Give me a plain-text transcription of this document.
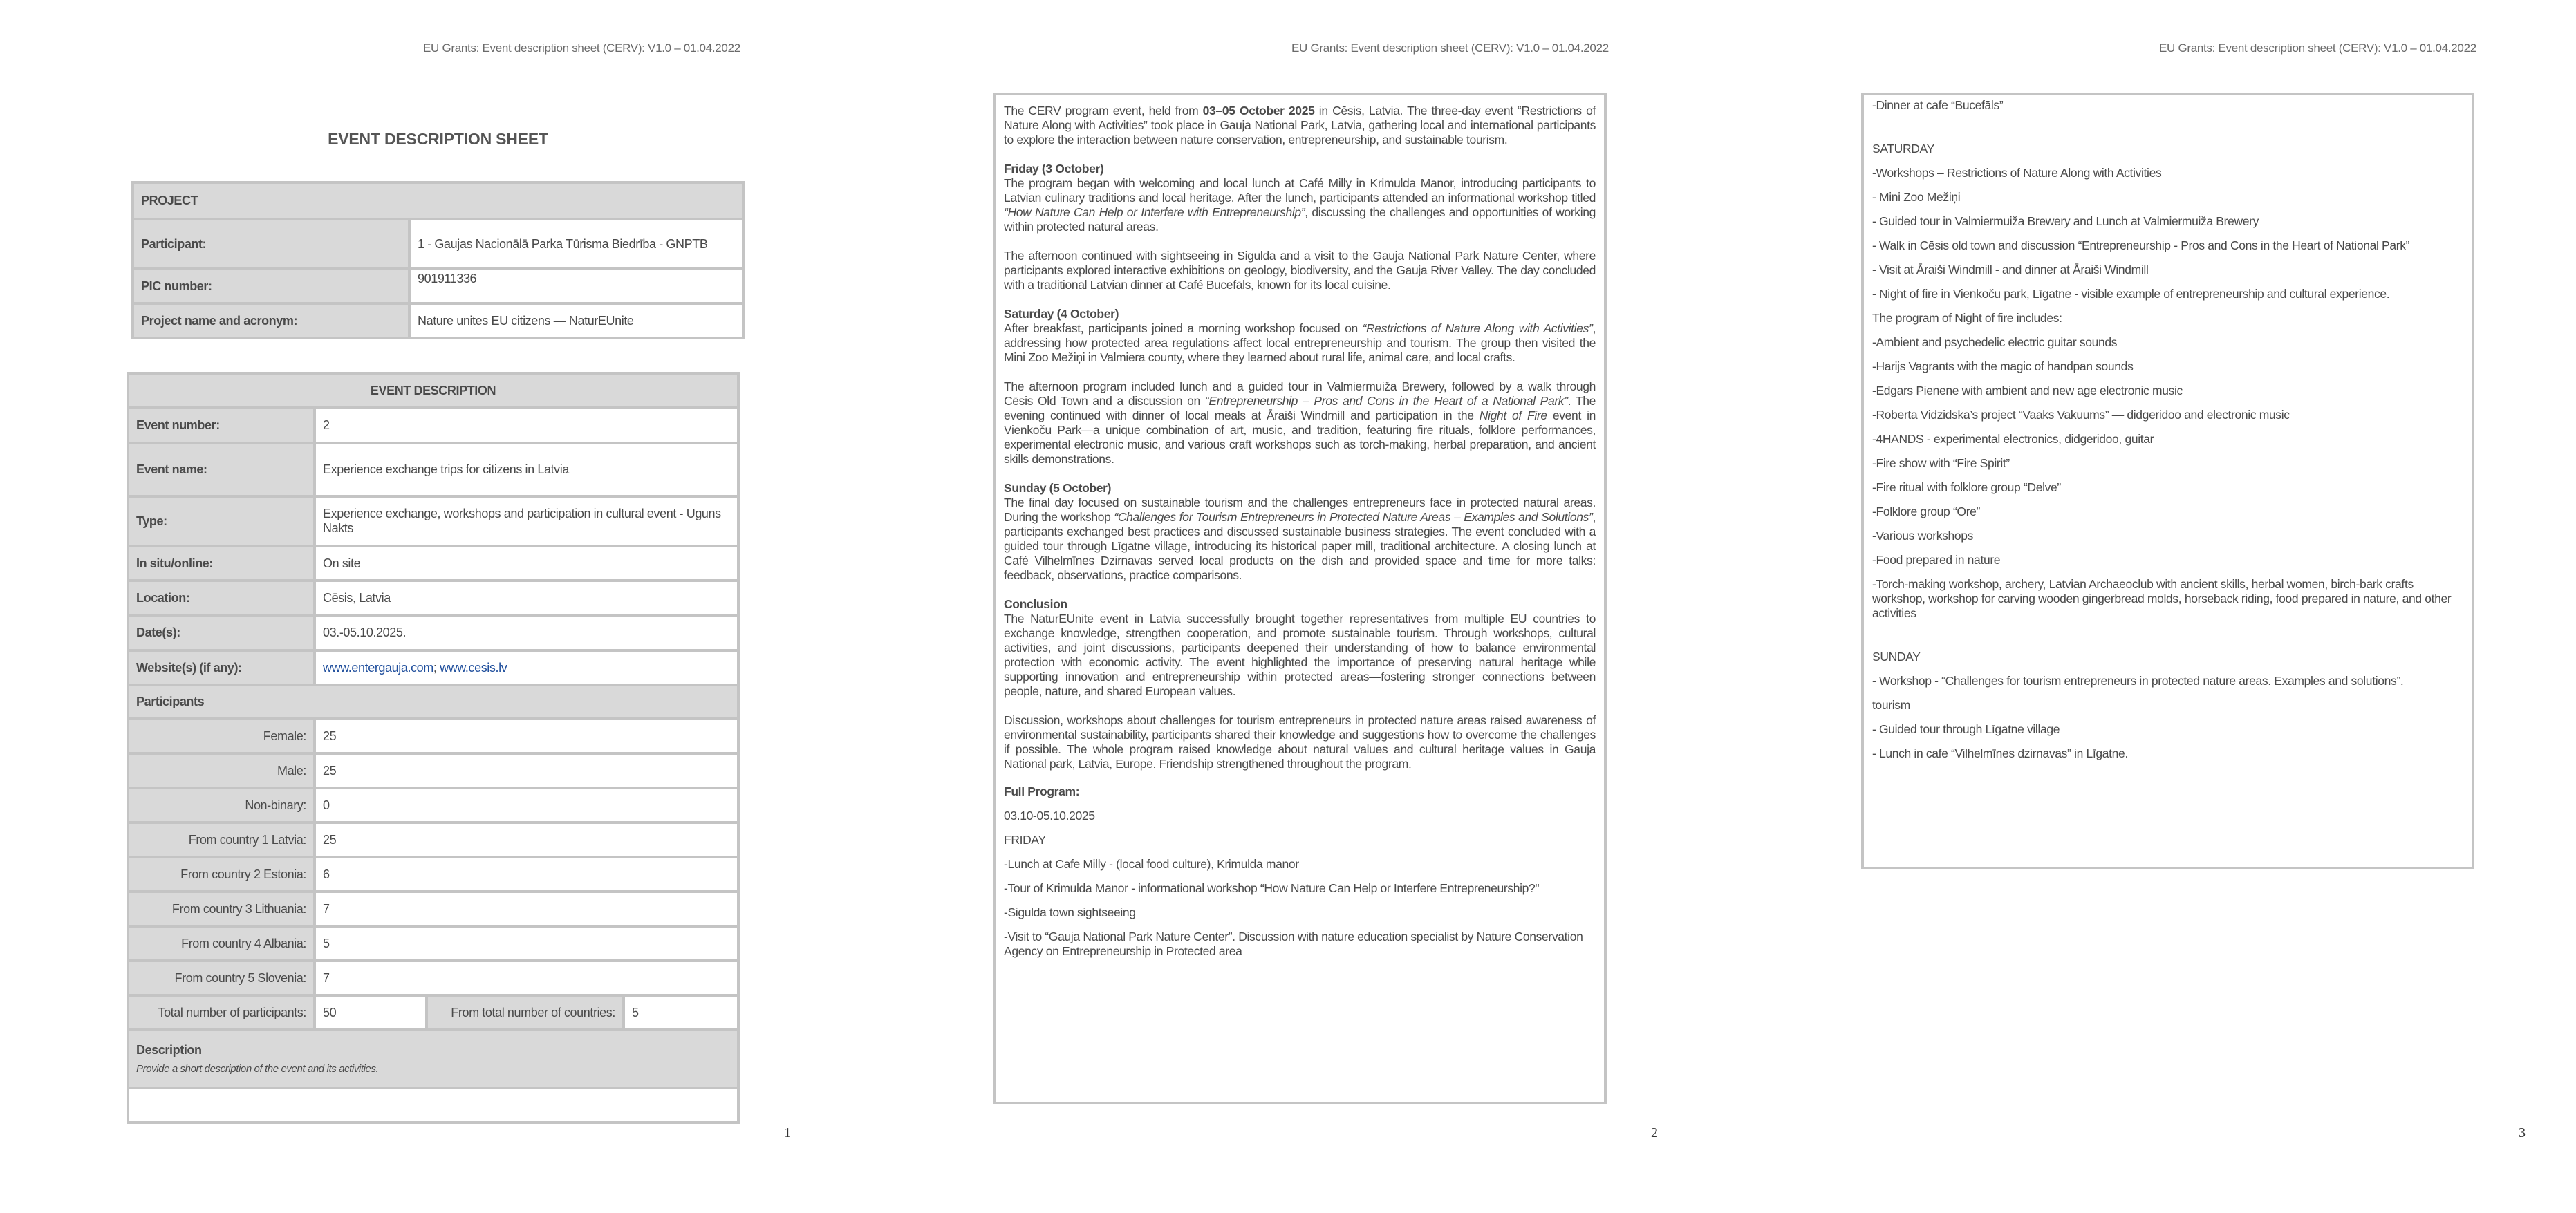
EU Grants: Event description sheet (CERV): V1.0 – 01.04.2022	EU Grants: Event description sheet (CERV): V1.0 – 01.04.2022	EU Grants: Event description sheet (CERV): V1.0 – 01.04.2022
EVENT DESCRIPTION SHEET
PROJECT	
Participant:	1 - Gaujas Nacionālā Parka Tūrisma Biedrība - GNPTB
PIC number:	901911336
Project name and acronym:	Nature unites EU citizens — NaturEUnite
EVENT DESCRIPTION			
Event number:	2		
Event name:	Experience exchange trips for citizens in Latvia		
Type:	Experience exchange, workshops and participation in cultural event - Uguns Nakts		
In situ/online:	On site		
Location:	Cēsis, Latvia		
Date(s):	03.-05.10.2025.		
Website(s) (if any):	www.entergauja.com; www.cesis.lv		
Participants			
Female:	25		
Male:	25		
Non-binary:	0		
From country 1 Latvia:	25		
From country 2 Estonia:	6		
From country 3 Lithuania:	7		
From country 4 Albania:	5		
From country 5 Slovenia:	7		
Total number of participants:	50	From total number of countries:	5
Description
Provide a short description of the event and its activities.			

The CERV program event, held from 03–05 October 2025 in Cēsis, Latvia. The three-day event “Restrictions of Nature Along with Activities” took place in Gauja National Park, Latvia, gathering local and international participants to explore the interaction between nature conservation, entrepreneurship, and sustainable tourism.

Friday (3 October)
The program began with welcoming and local lunch at Café Milly in Krimulda Manor, introducing participants to Latvian culinary traditions and local heritage. After the lunch, participants attended an informational workshop titled “How Nature Can Help or Interfere with Entrepreneurship”, discussing the challenges and opportunities of working within protected natural areas.

The afternoon continued with sightseeing in Sigulda and a visit to the Gauja National Park Nature Center, where participants explored interactive exhibitions on geology, biodiversity, and the Gauja River Valley. The day concluded with a traditional Latvian dinner at Café Bucefāls, known for its local cuisine.

Saturday (4 October)
After breakfast, participants joined a morning workshop focused on “Restrictions of Nature Along with Activities”, addressing how protected area regulations affect local entrepreneurship and tourism. The group then visited the Mini Zoo Mežiņi in Valmiera county, where they learned about rural life, animal care, and local crafts.

The afternoon program included lunch and a guided tour in Valmiermuiža Brewery, followed by a walk through Cēsis Old Town and a discussion on “Entrepreneurship – Pros and Cons in the Heart of a National Park”. The evening continued with dinner of local meals at Āraiši Windmill and participation in the Night of Fire event in Vienkoču Park—a unique combination of art, music, and tradition, featuring fire rituals, folklore performances, experimental electronic music, and various craft workshops such as torch-making, herbal preparation, and ancient skills demonstrations.

Sunday (5 October)
The final day focused on sustainable tourism and the challenges entrepreneurs face in protected natural areas. During the workshop “Challenges for Tourism Entrepreneurs in Protected Nature Areas – Examples and Solutions”, participants exchanged best practices and discussed sustainable business strategies. The event concluded with a guided tour through Līgatne village, introducing its historical paper mill, traditional architecture. A closing lunch at Café Vilhelmīnes Dzirnavas served local products on the dish and provided space and time for more talks: feedback, observations, practice comparisons.

Conclusion
The NaturEUnite event in Latvia successfully brought together representatives from multiple EU countries to exchange knowledge, strengthen cooperation, and promote sustainable tourism. Through workshops, cultural activities, and joint discussions, participants deepened their understanding of how to balance environmental protection with economic activity. The event highlighted the importance of preserving natural heritage while supporting innovation and entrepreneurship within protected areas—fostering stronger connections between people, nature, and shared European values.

Discussion, workshops about challenges for tourism entrepreneurs in protected nature areas raised awareness of environmental sustainability, participants shared their knowledge and suggestions how to overcome the challenges if possible. The whole program raised knowledge about natural values and cultural heritage values in Gauja National park, Latvia, Europe. Friendship strengthened throughout the program.

Full Program:

03.10-05.10.2025

FRIDAY

-Lunch at Cafe Milly - (local food culture), Krimulda manor

-Tour of Krimulda Manor - informational workshop “How Nature Can Help or Interfere Entrepreneurship?"

-Sigulda town sightseeing

-Visit to “Gauja National Park Nature Center”. Discussion with nature education specialist by Nature Conservation Agency on Entrepreneurship in Protected area

-Dinner at cafe “Bucefāls”

SATURDAY

-Workshops – Restrictions of Nature Along with Activities

- Mini Zoo Mežiņi

- Guided tour in Valmiermuiža Brewery and Lunch at Valmiermuiža Brewery

- Walk in Cēsis old town and discussion “Entrepreneurship - Pros and Cons in the Heart of National Park”

- Visit at Āraiši Windmill - and dinner at Āraiši Windmill

- Night of fire in Vienkoču park, Līgatne - visible example of entrepreneurship and cultural experience.

The program of Night of fire includes:

-Ambient and psychedelic electric guitar sounds

-Harijs Vagrants with the magic of handpan sounds

-Edgars Pienene with ambient and new age electronic music

-Roberta Vidzidska’s project “Vaaks Vakuums” — didgeridoo and electronic music

-4HANDS - experimental electronics, didgeridoo, guitar

-Fire show with “Fire Spirit”

-Fire ritual with folklore group “Delve”

-Folklore group “Ore”

-Various workshops

-Food prepared in nature

-Torch-making workshop, archery, Latvian Archaeoclub with ancient skills, herbal women, birch-bark crafts workshop, workshop for carving wooden gingerbread molds, horseback riding, food prepared in nature, and other activities

SUNDAY

- Workshop - “Challenges for tourism entrepreneurs in protected nature areas. Examples and solutions”.

tourism

- Guided tour through Līgatne village

- Lunch in cafe “Vilhelmīnes dzirnavas” in Līgatne.

1	2	3
